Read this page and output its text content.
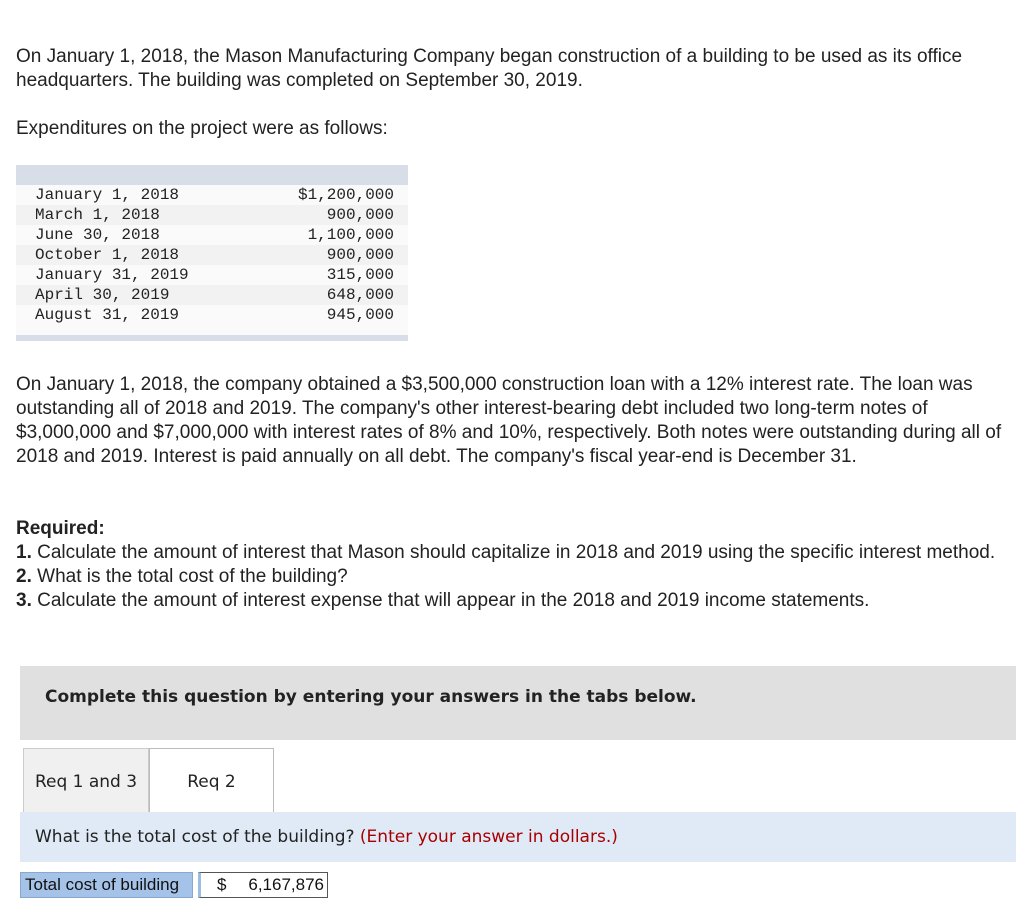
On January 1, 2018, the Mason Manufacturing Company began construction of a building to be used as its office headquarters. The building was completed on September 30, 2019.

Expenditures on the project were as follows:

January 1, 2018	$1,200,000
March 1, 2018	900,000
June 30, 2018	1,100,000
October 1, 2018	900,000
January 31, 2019	315,000
April 30, 2019	648,000
August 31, 2019	945,000

On January 1, 2018, the company obtained a $3,500,000 construction loan with a 12% interest rate. The loan was outstanding all of 2018 and 2019. The company's other interest-bearing debt included two long-term notes of $3,000,000 and $7,000,000 with interest rates of 8% and 10%, respectively. Both notes were outstanding during all of 2018 and 2019. Interest is paid annually on all debt. The company's fiscal year-end is December 31.

Required:
1. Calculate the amount of interest that Mason should capitalize in 2018 and 2019 using the specific interest method.
2. What is the total cost of the building?
3. Calculate the amount of interest expense that will appear in the 2018 and 2019 income statements.
Complete this question by entering your answers in the tabs below.
Req 1 and 3	Req 2
What is the total cost of the building? (Enter your answer in dollars.)
Total cost of building	$ 6,167,876
